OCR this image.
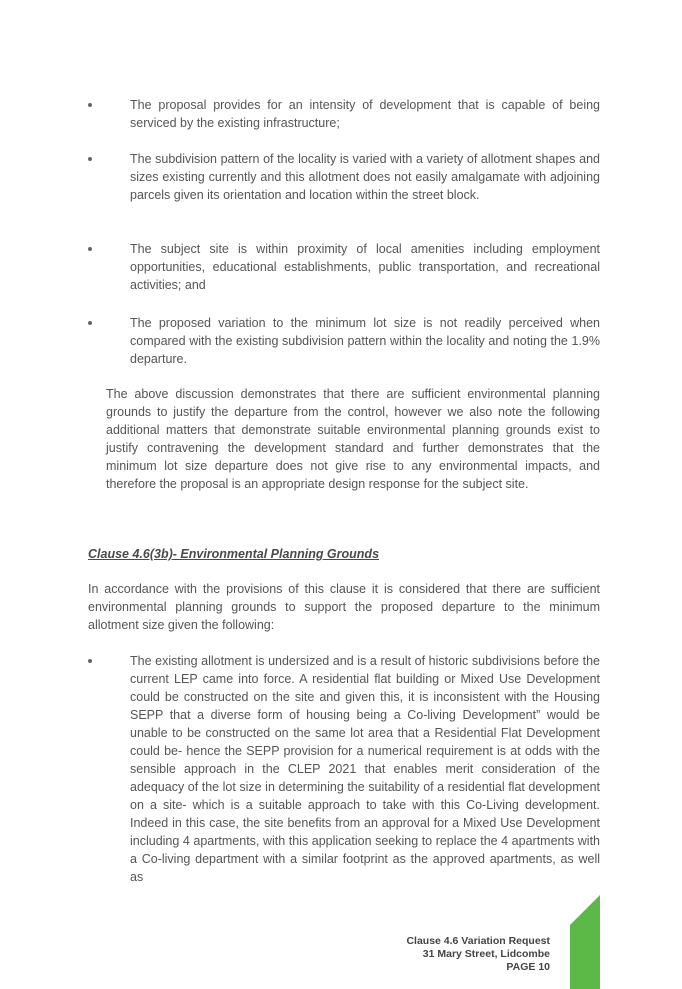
The proposal provides for an intensity of development that is capable of being serviced by the existing infrastructure;

The subdivision pattern of the locality is varied with a variety of allotment shapes and sizes existing currently and this allotment does not easily amalgamate with adjoining parcels given its orientation and location within the street block.

The subject site is within proximity of local amenities including employment opportunities, educational establishments, public transportation, and recreational activities; and

The proposed variation to the minimum lot size is not readily perceived when compared with the existing subdivision pattern within the locality and noting the 1.9% departure.

The above discussion demonstrates that there are sufficient environmental planning grounds to justify the departure from the control, however we also note the following additional matters that demonstrate suitable environmental planning grounds exist to justify contravening the development standard and further demonstrates that the minimum lot size departure does not give rise to any environmental impacts, and therefore the proposal is an appropriate design response for the subject site.

Clause 4.6(3b)- Environmental Planning Grounds

In accordance with the provisions of this clause it is considered that there are sufficient environmental planning grounds to support the proposed departure to the minimum allotment size given the following:

The existing allotment is undersized and is a result of historic subdivisions before the current LEP came into force. A residential flat building or Mixed Use Development could be constructed on the site and given this, it is inconsistent with the Housing SEPP that a diverse form of housing being a Co-living Development” would be unable to be constructed on the same lot area that a Residential Flat Development could be- hence the SEPP provision for a numerical requirement is at odds with the sensible approach in the CLEP 2021 that enables merit consideration of the adequacy of the lot size in determining the suitability of a residential flat development on a site- which is a suitable approach to take with this Co-Living development. Indeed in this case, the site benefits from an approval for a Mixed Use Development including 4 apartments, with this application seeking to replace the 4 apartments with a Co-living department with a similar footprint as the approved apartments, as well as

Clause 4.6 Variation Request

31 Mary Street, Lidcombe

PAGE 10
